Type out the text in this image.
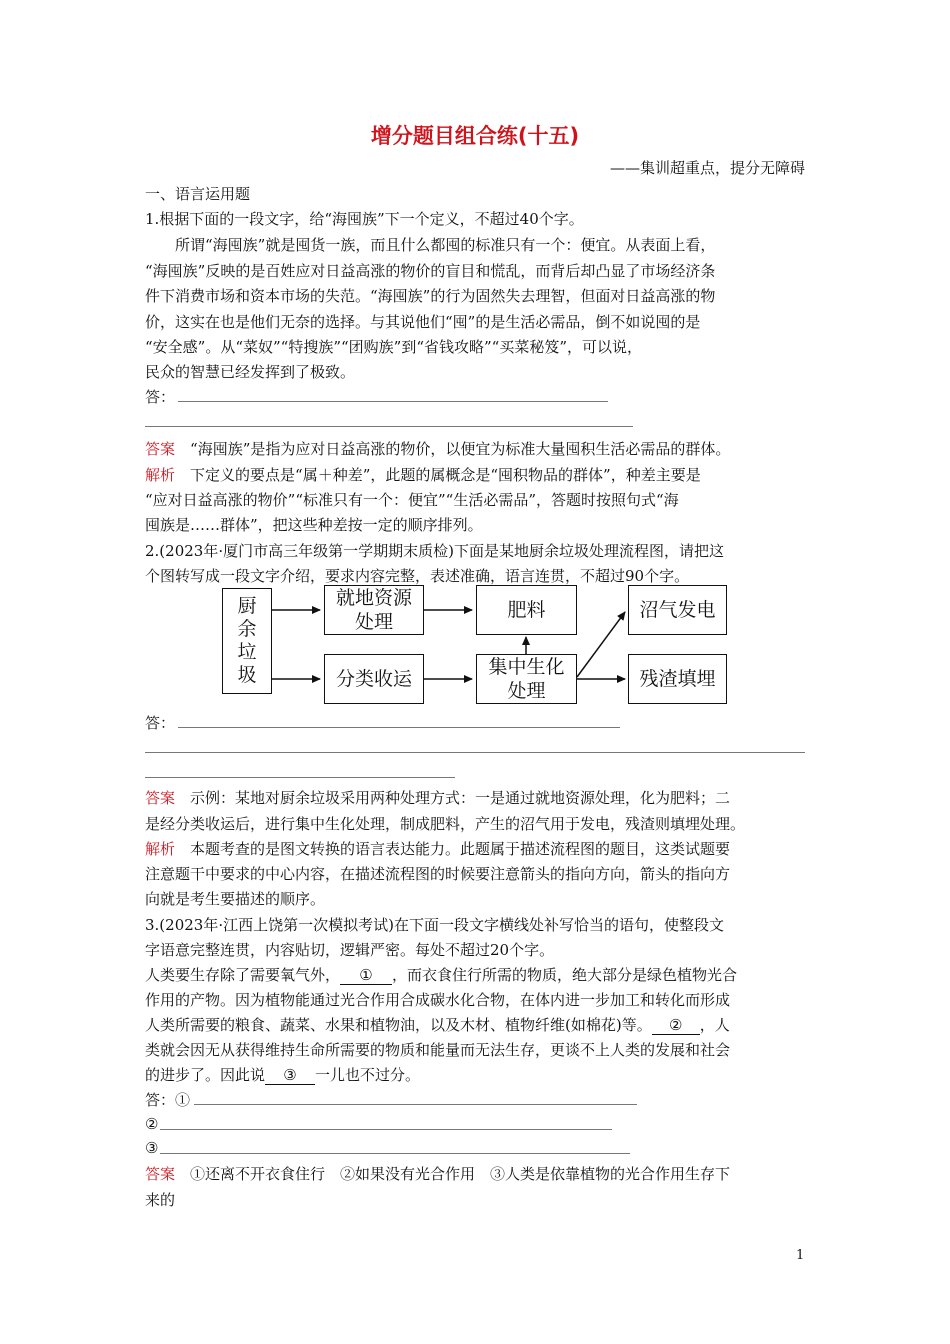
增分题目组合练(十五)
——集训超重点，提分无障碍
一、语言运用题
1.根据下面的一段文字，给“海囤族”下一个定义，不超过40个字。
所谓“海囤族”就是囤货一族，而且什么都囤的标准只有一个：便宜。从表面上看，
“海囤族”反映的是百姓应对日益高涨的物价的盲目和慌乱，而背后却凸显了市场经济条
件下消费市场和资本市场的失范。“海囤族”的行为固然失去理智，但面对日益高涨的物
价，这实在也是他们无奈的选择。与其说他们“囤”的是生活必需品，倒不如说囤的是
“安全感”。从“菜奴”“特搜族”“团购族”到“省钱攻略”“买菜秘笈”，可以说，
民众的智慧已经发挥到了极致。
答：
答案　 “海囤族”是指为应对日益高涨的物价，以便宜为标准大量囤积生活必需品的群体。
解析　 下定义的要点是“属＋种差”，此题的属概念是“囤积物品的群体”，种差主要是
“应对日益高涨的物价”“标准只有一个：便宜”“生活必需品”，答题时按照句式“海
囤族是……群体”，把这些种差按一定的顺序排列。
2.(2023年·厦门市高三年级第一学期期末质检)下面是某地厨余垃圾处理流程图，请把这
个图转写成一段文字介绍，要求内容完整，表述准确，语言连贯，不超过90个字。
厨余垃圾
就地资源处理
分类收运
肥料
集中生化处理
沼气发电
残渣填埋
答：
答案　 示例：某地对厨余垃圾采用两种处理方式：一是通过就地资源处理，化为肥料；二
是经分类收运后，进行集中生化处理，制成肥料，产生的沼气用于发电，残渣则填埋处理。
解析　 本题考查的是图文转换的语言表达能力。此题属于描述流程图的题目，这类试题要
注意题干中要求的中心内容，在描述流程图的时候要注意箭头的指向方向，箭头的指向方
向就是考生要描述的顺序。
3.(2023年·江西上饶第一次模拟考试)在下面一段文字横线处补写恰当的语句，使整段文
字语意完整连贯，内容贴切，逻辑严密。每处不超过20个字。
人类要生存除了需要氧气外， ① ，而衣食住行所需的物质，绝大部分是绿色植物光合
作用的产物。因为植物能通过光合作用合成碳水化合物，在体内进一步加工和转化而形成
人类所需要的粮食、蔬菜、水果和植物油，以及木材、植物纤维(如棉花)等。 ② ，人
类就会因无从获得维持生命所需要的物质和能量而无法生存，更谈不上人类的发展和社会
的进步了。因此说 ③ 一儿也不过分。
答：①
②
③
答案　 ①还离不开衣食住行　②如果没有光合作用　③人类是依靠植物的光合作用生存下
来的
1
